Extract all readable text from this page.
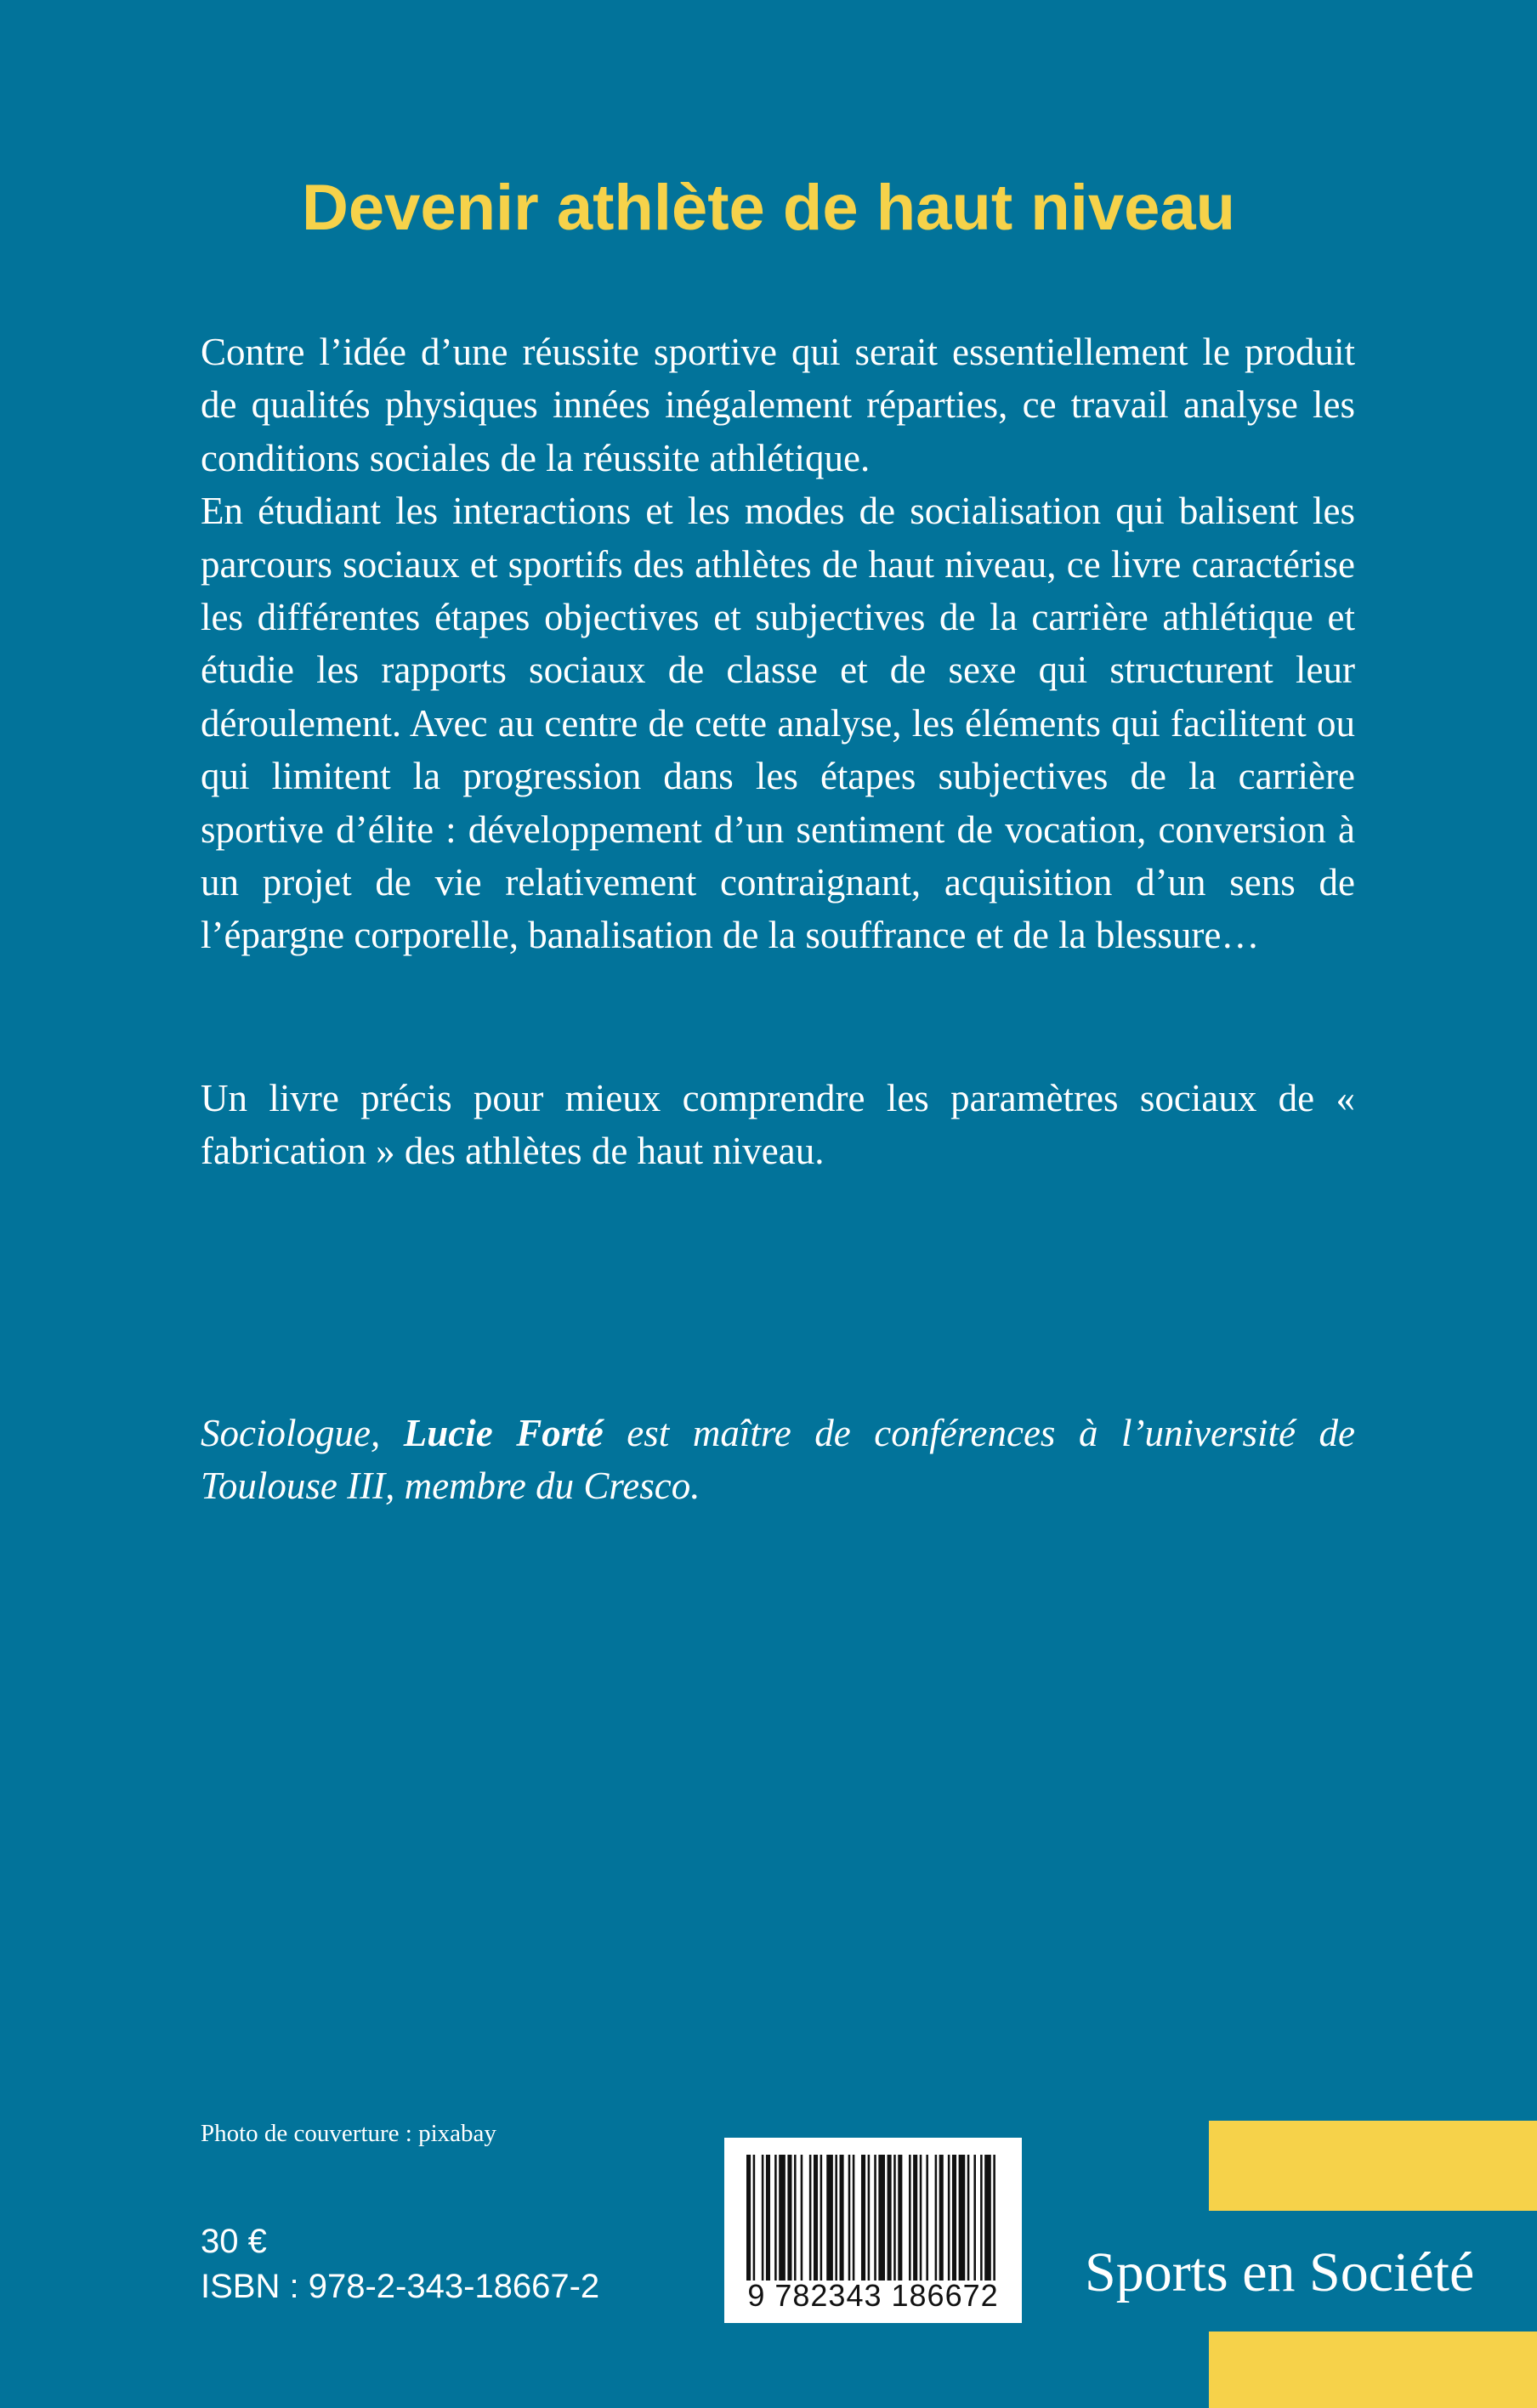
Devenir athlète de haut niveau

Contre l’idée d’une réussite sportive qui serait essentiellement le produit de qualités physiques innées inégalement réparties, ce travail analyse les conditions sociales de la réussite athlétique.

En étudiant les interactions et les modes de socialisation qui balisent les parcours sociaux et sportifs des athlètes de haut niveau, ce livre caractérise les différentes étapes objectives et subjectives de la carrière athlétique et étudie les rapports sociaux de classe et de sexe qui structurent leur déroulement. Avec au centre de cette analyse, les éléments qui facilitent ou qui limitent la progression dans les étapes subjectives de la carrière sportive d’élite : développement d’un sentiment de vocation, conversion à un projet de vie relativement contraignant, acquisition d’un sens de l’épargne corporelle, banalisation de la souffrance et de la blessure…

Un livre précis pour mieux comprendre les paramètres sociaux de « fabrication » des athlètes de haut niveau.

Sociologue, Lucie Forté est maître de conférences à l’université de Toulouse III, membre du Cresco.

Photo de couverture : pixabay
30 €
ISBN : 978-2-343-18667-2	9 782343 186672	Sports en Société
